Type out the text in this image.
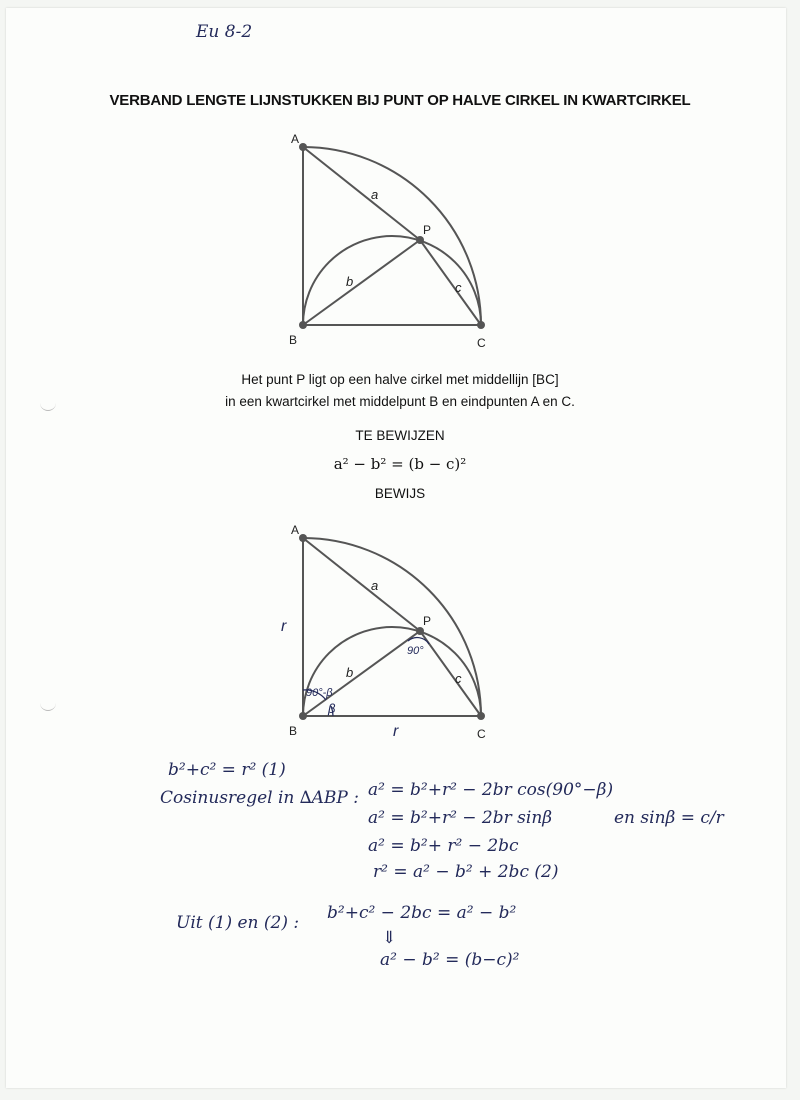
Eu 8-2
VERBAND LENGTE LIJNSTUKKEN BIJ PUNT OP HALVE CIRKEL IN KWARTCIRKEL
A
B	C
P
a
b	c
Het punt P ligt op een halve cirkel met middellijn [BC]
in een kwartcirkel met middelpunt B en eindpunten A en C.
TE BEWIJZEN
a² − b² = (b − c)²
BEWIJS
A
B	C
P
a
b	c
r
r
90°
90°-β
β
b²+c² = r² (1)
Cosinusregel in ∆ABP : a² = b²+r² − 2br cos(90°−β)
a² = b²+r² − 2br sinβ	en sinβ = c/r
a² = b²+ r² − 2bc
r² = a² − b² + 2bc (2)
Uit (1) en (2) : b²+c² − 2bc = a² − b²
⇓
a² − b² = (b−c)²
